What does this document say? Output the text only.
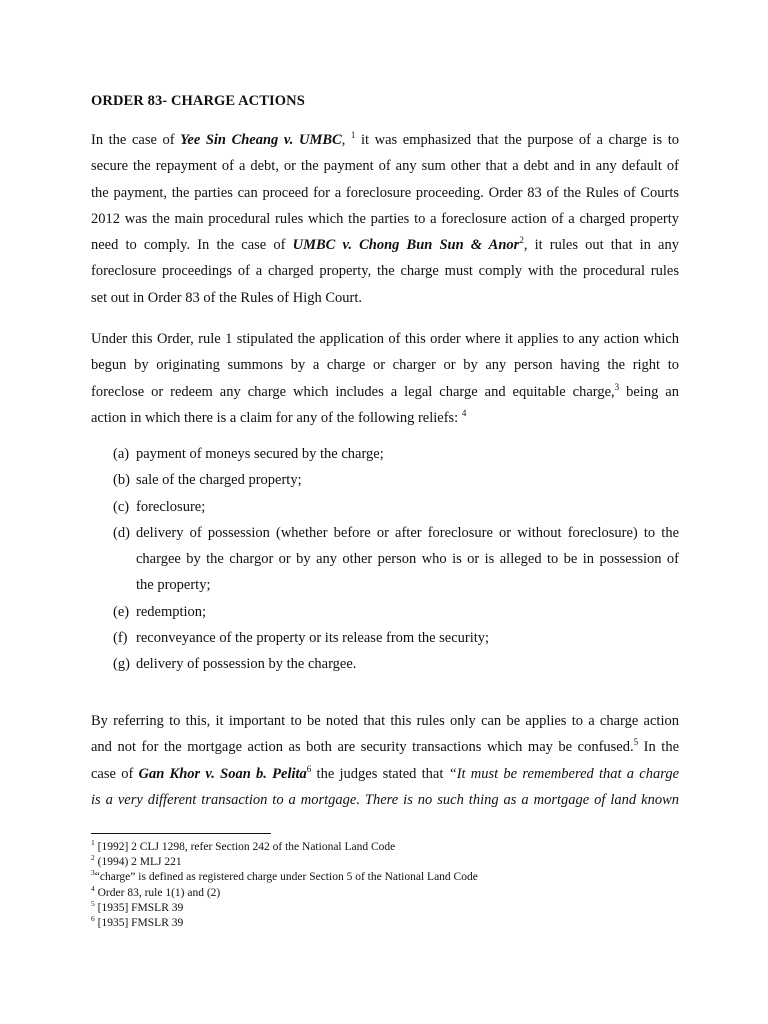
ORDER 83- CHARGE ACTIONS
In the case of Yee Sin Cheang v. UMBC, $^1$ it was emphasized that the purpose of a charge is to
secure the repayment of a debt, or the payment of any sum other that a debt and in any default of
the payment, the parties can proceed for a foreclosure proceeding. Order 83 of the Rules of Courts
2012 was the main procedural rules which the parties to a foreclosure action of a charged property
need to comply. In the case of UMBC v. Chong Bun Sun & Anor$^2$, it rules out that in any
foreclosure proceedings of a charged property, the charge must comply with the procedural rules
set out in Order 83 of the Rules of High Court.
Under this Order, rule 1 stipulated the application of this order where it applies to any action which
begun by originating summons by a charge or charger or by any person having the right to
foreclose or redeem any charge which includes a legal charge and equitable charge,$^3$ being an
action in which there is a claim for any of the following reliefs: $^4$
(a) payment of moneys secured by the charge;
(b) sale of the charged property;
(c) foreclosure;
(d) delivery of possession (whether before or after foreclosure or without foreclosure) to the
chargee by the chargor or by any other person who is or is alleged to be in possession of
the property;
(e) redemption;
(f) reconveyance of the property or its release from the security;
(g) delivery of possession by the chargee.
By referring to this, it important to be noted that this rules only can be applies to a charge action
and not for the mortgage action as both are security transactions which may be confused.$^5$ In the
case of Gan Khor v. Soan b. Pelita$^6$ the judges stated that “It must be remembered that a charge
is a very different transaction to a mortgage. There is no such thing as a mortgage of land known
$^1$ [1992] 2 CLJ 1298, refer Section 242 of the National Land Code
$^2$ (1994) 2 MLJ 221
$^3$“charge” is defined as registered charge under Section 5 of the National Land Code
$^4$ Order 83, rule 1(1) and (2)
$^5$ [1935] FMSLR 39
$^6$ [1935] FMSLR 39
